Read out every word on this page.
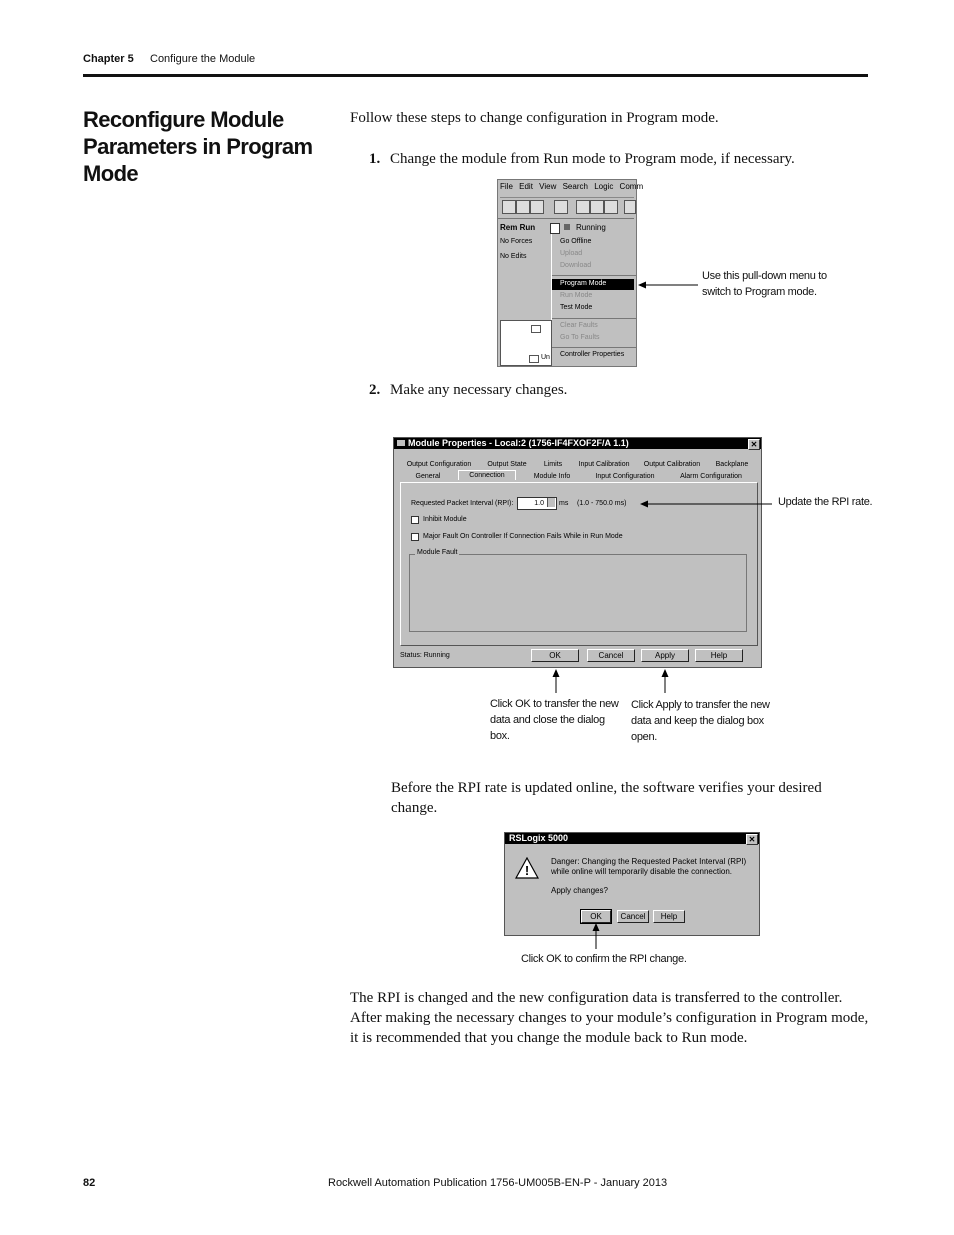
Chapter 5 Configure the Module
Reconfigure Module Parameters in Program Mode
Follow these steps to change configuration in Program mode.
1. Change the module from Run mode to Program mode, if necessary.
File Edit View Search Logic Comm
Rem Run
No Forces
No Edits
Running
Go Offline
Upload
Download
Program Mode
Run Mode
Test Mode
Clear Faults
Go To Faults
Controller Properties
Un
Use this pull-down menu to switch to Program mode.
2. Make any necessary changes.
Module Properties - Local:2 (1756-IF4FXOF2F/A 1.1)	✕
Output Configuration	Output State	Limits	Input Calibration	Output Calibration	Backplane
General	Connection	Module Info	Input Configuration	Alarm Configuration
Requested Packet Interval (RPI):	1.0	ms (1.0 - 750.0 ms)
Inhibit Module
Major Fault On Controller If Connection Fails While in Run Mode
Module Fault
Status: Running	OK	Cancel	Apply	Help
Update the RPI rate.
Click OK to transfer the new data and close the dialog box.
Click Apply to transfer the new data and keep the dialog box open.
Before the RPI rate is updated online, the software verifies your desired change.
RSLogix 5000	✕
!
Danger: Changing the Requested Packet Interval (RPI)
while online will temporarily disable the connection.
Apply changes?
OK	Cancel	Help
Click OK to confirm the RPI change.
The RPI is changed and the new configuration data is transferred to the controller. After making the necessary changes to your module’s configuration in Program mode, it is recommended that you change the module back to Run mode.
82	Rockwell Automation Publication 1756-UM005B-EN-P - January 2013
